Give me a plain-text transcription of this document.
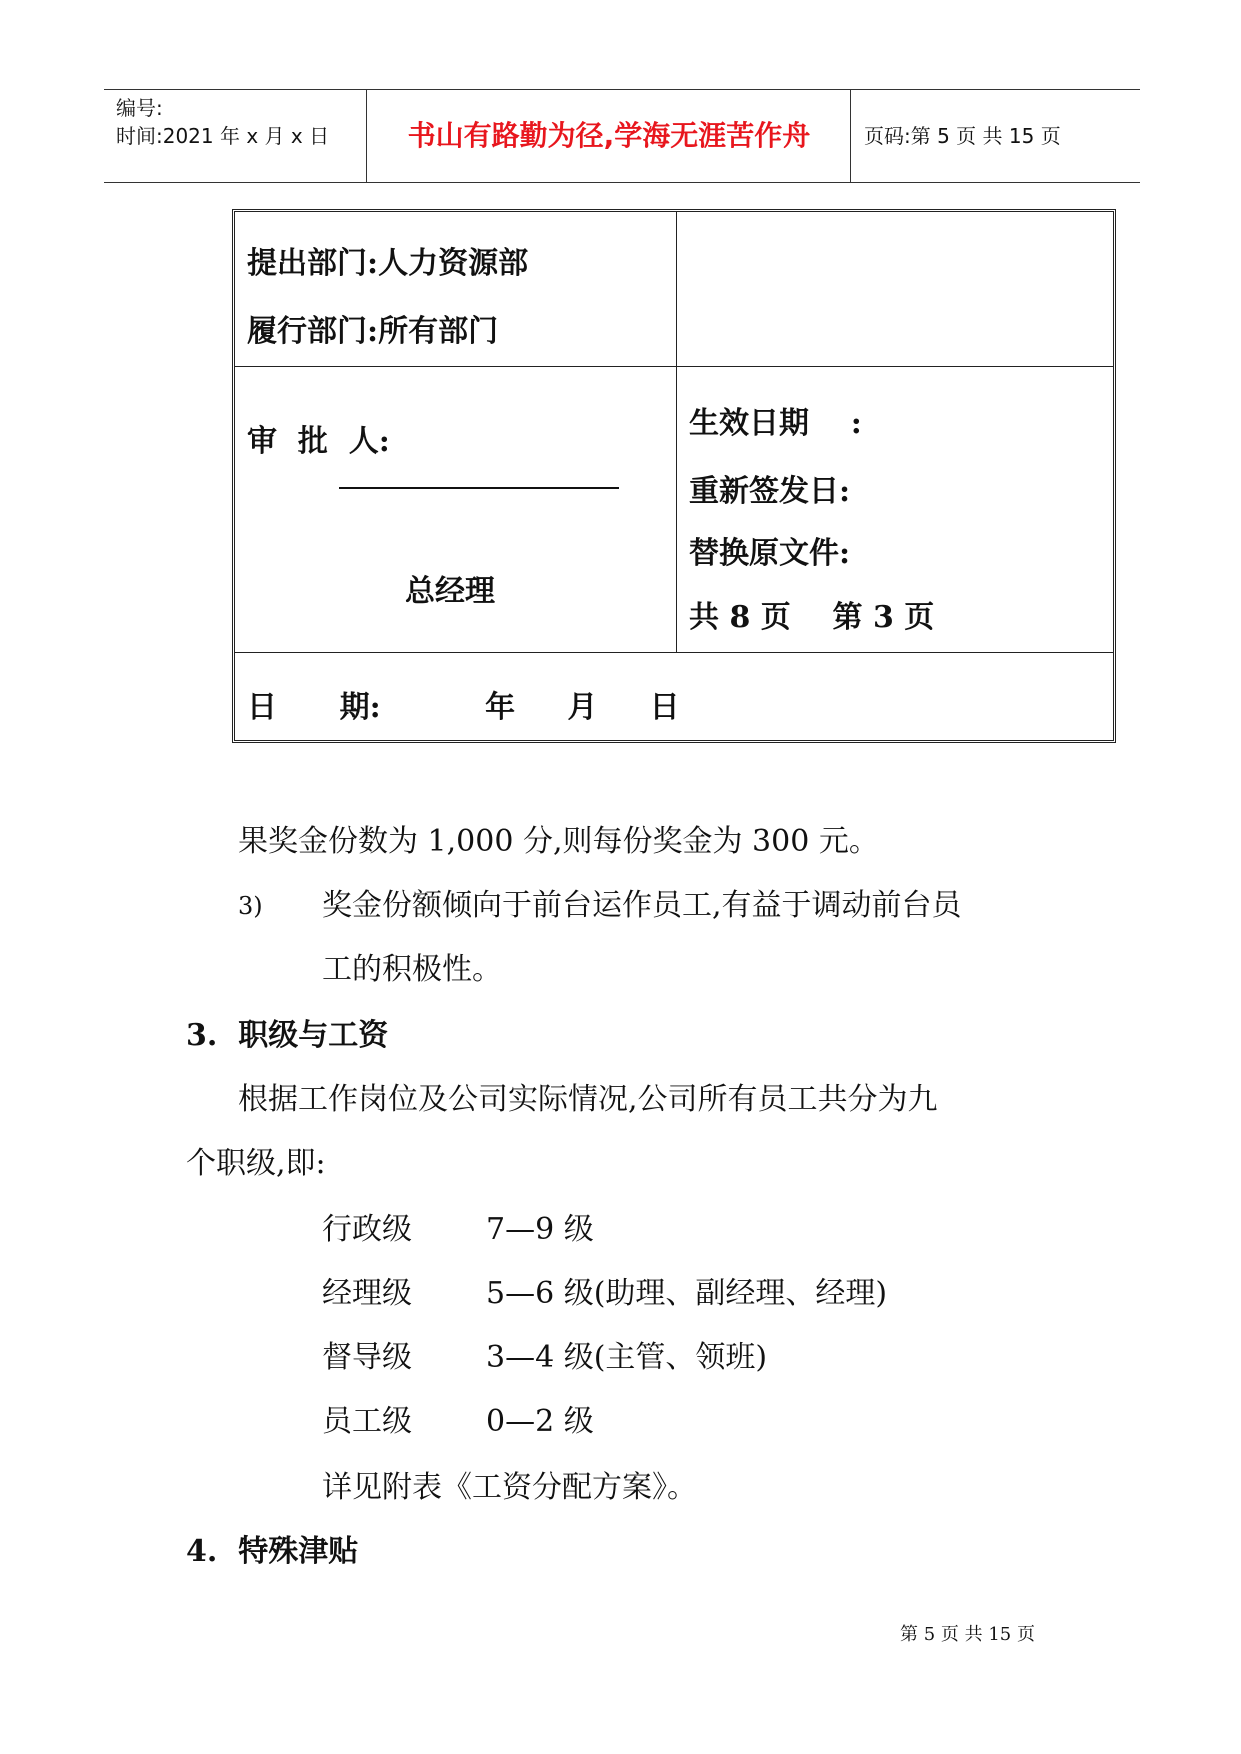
编号:
时间:2021 年 x 月 x 日	书山有路勤为径,学海无涯苦作舟	页码:第 5 页 共 15 页
提出部门:人力资源部
履行部门:所有部门
审  批  人:
总经理
生效日期    :
重新签发日:
替换原文件:
共 8 页    第 3 页
日      期:          年     月     日
果奖金份数为 1,000 分,则每份奖金为 300 元。
3) 奖金份额倾向于前台运作员工,有益于调动前台员
工的积极性。
3.  职级与工资
根据工作岗位及公司实际情况,公司所有员工共分为九
个职级,即:
行政级 7—9 级
经理级 5—6 级(助理、副经理、经理)
督导级 3—4 级(主管、领班)
员工级 0—2 级
详见附表《工资分配方案》。
4.  特殊津贴
第 5 页 共 15 页
